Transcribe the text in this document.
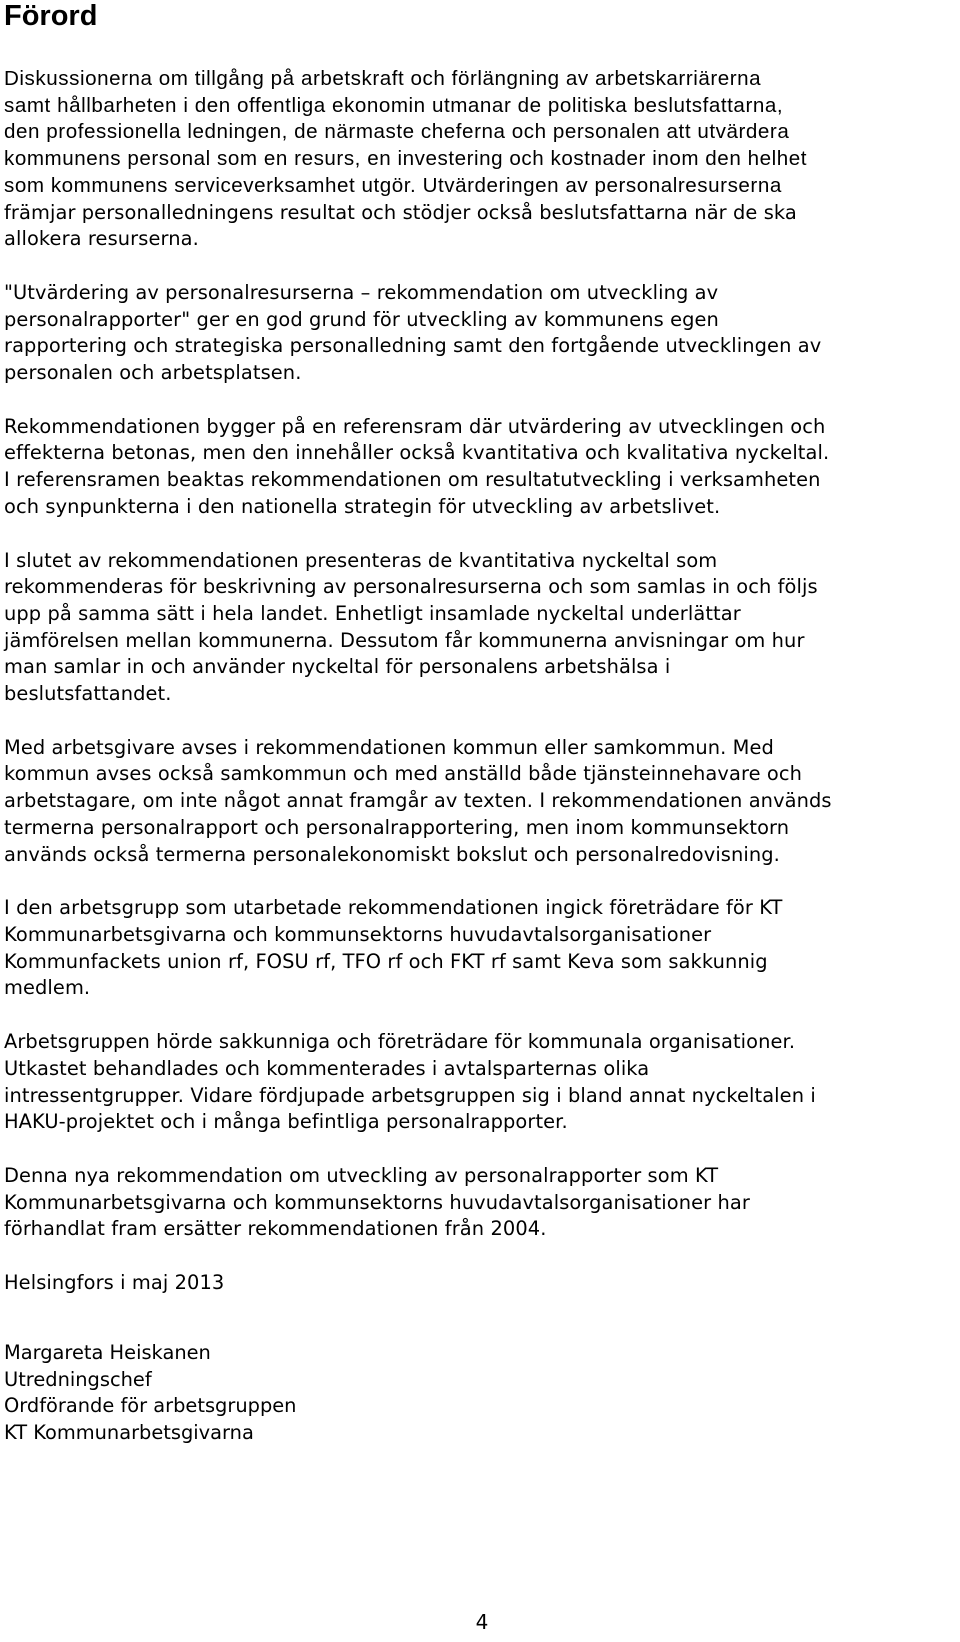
Förord

Diskussionerna om tillgång på arbetskraft och förlängning av arbetskarriärerna
samt hållbarheten i den offentliga ekonomin utmanar de politiska beslutsfattarna,
den professionella ledningen, de närmaste cheferna och personalen att utvärdera
kommunens personal som en resurs, en investering och kostnader inom den helhet
som kommunens serviceverksamhet utgör. Utvärderingen av personalresurserna
främjar personalledningens resultat och stödjer också beslutsfattarna när de ska
allokera resurserna.

"Utvärdering av personalresurserna – rekommendation om utveckling av
personalrapporter" ger en god grund för utveckling av kommunens egen
rapportering och strategiska personalledning samt den fortgående utvecklingen av
personalen och arbetsplatsen.

Rekommendationen bygger på en referensram där utvärdering av utvecklingen och
effekterna betonas, men den innehåller också kvantitativa och kvalitativa nyckeltal.
I referensramen beaktas rekommendationen om resultatutveckling i verksamheten
och synpunkterna i den nationella strategin för utveckling av arbetslivet.

I slutet av rekommendationen presenteras de kvantitativa nyckeltal som
rekommenderas för beskrivning av personalresurserna och som samlas in och följs
upp på samma sätt i hela landet. Enhetligt insamlade nyckeltal underlättar
jämförelsen mellan kommunerna. Dessutom får kommunerna anvisningar om hur
man samlar in och använder nyckeltal för personalens arbetshälsa i
beslutsfattandet.

Med arbetsgivare avses i rekommendationen kommun eller samkommun. Med
kommun avses också samkommun och med anställd både tjänsteinnehavare och
arbetstagare, om inte något annat framgår av texten. I rekommendationen används
termerna personalrapport och personalrapportering, men inom kommunsektorn
används också termerna personalekonomiskt bokslut och personalredovisning.

I den arbetsgrupp som utarbetade rekommendationen ingick företrädare för KT
Kommunarbetsgivarna och kommunsektorns huvudavtalsorganisationer
Kommunfackets union rf, FOSU rf, TFO rf och FKT rf samt Keva som sakkunnig
medlem.

Arbetsgruppen hörde sakkunniga och företrädare för kommunala organisationer.
Utkastet behandlades och kommenterades i avtalsparternas olika
intressentgrupper. Vidare fördjupade arbetsgruppen sig i bland annat nyckeltalen i
HAKU-projektet och i många befintliga personalrapporter.

Denna nya rekommendation om utveckling av personalrapporter som KT
Kommunarbetsgivarna och kommunsektorns huvudavtalsorganisationer har
förhandlat fram ersätter rekommendationen från 2004.

Helsingfors i maj 2013

Margareta Heiskanen
Utredningschef
Ordförande för arbetsgruppen
KT Kommunarbetsgivarna
4
